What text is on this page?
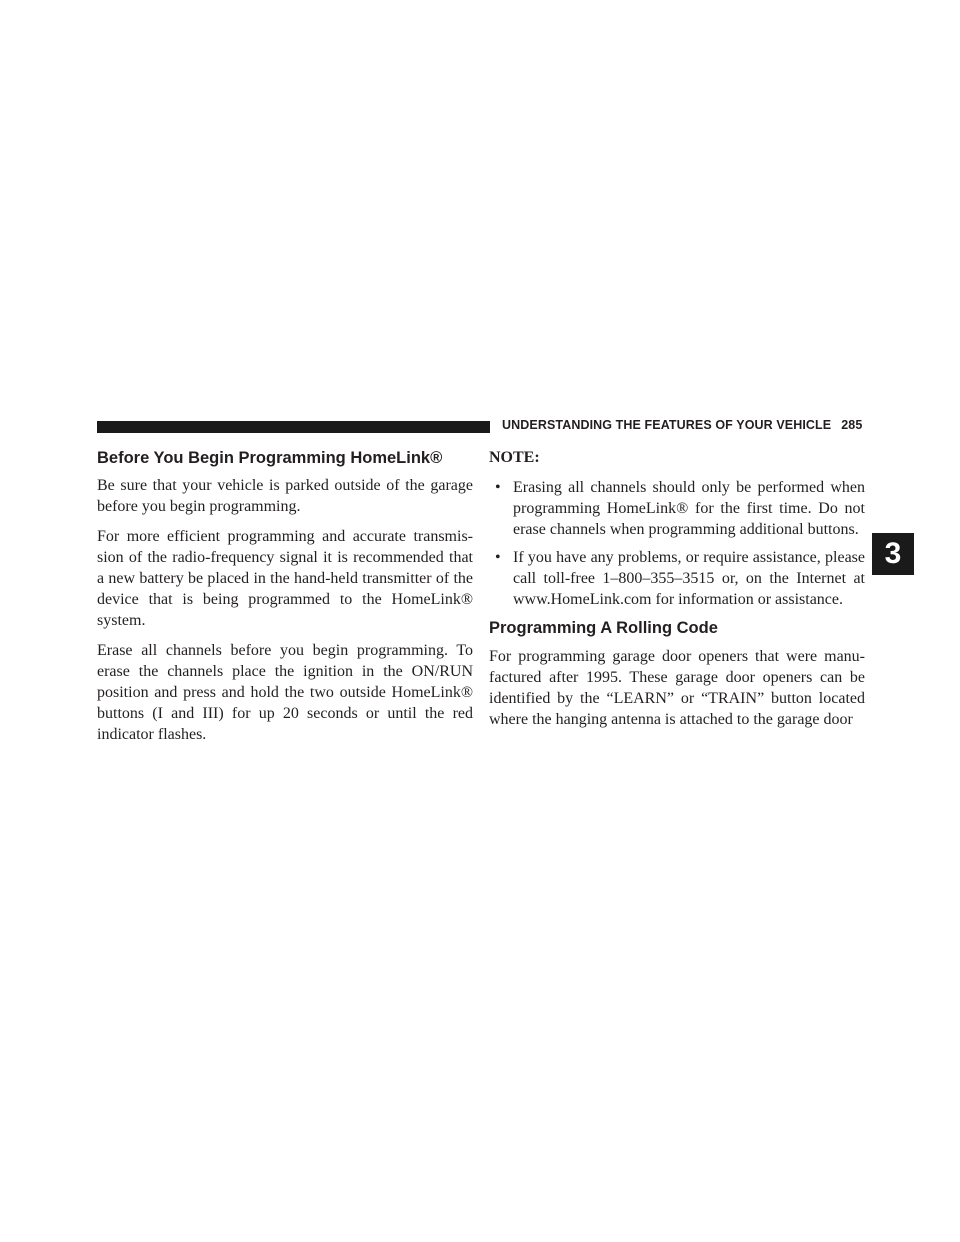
UNDERSTANDING THE FEATURES OF YOUR VEHICLE 285
Before You Begin Programming HomeLink®

Be sure that your vehicle is parked outside of the garage before you begin programming.

For more efficient programming and accurate transmis-sion of the radio-frequency signal it is recommended that a new battery be placed in the hand-held transmitter of the device that is being programmed to the HomeLink® system.

Erase all channels before you begin programming. To erase the channels place the ignition in the ON/RUN position and press and hold the two outside HomeLink® buttons (I and III) for up 20 seconds or until the red indicator flashes.

NOTE:
• Erasing all channels should only be performed when programming HomeLink® for the first time. Do not erase channels when programming additional buttons.
• If you have any problems, or require assistance, please call toll-free 1–800–355–3515 or, on the Internet at www.HomeLink.com for information or assistance.
Programming A Rolling Code

For programming garage door openers that were manu-factured after 1995. These garage door openers can be identified by the “LEARN” or “TRAIN” button located where the hanging antenna is attached to the garage door

3
